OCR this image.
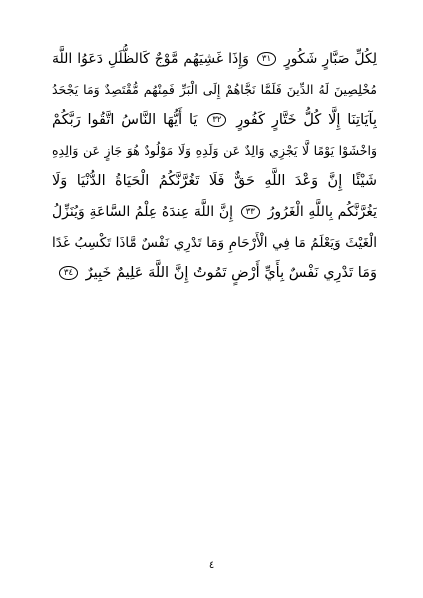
لِكُلِّ صَبَّارٍ شَكُورٍ ٣١ وَإِذَا غَشِيَهُم مَّوْجٌ كَالظُّلَلِ دَعَوُا اللَّهَ
مُخْلِصِينَ لَهُ الدِّينَ فَلَمَّا نَجَّاهُمْ إِلَى الْبَرِّ فَمِنْهُم مُّقْتَصِدٌ وَمَا يَجْحَدُ
بِآيَاتِنَا إِلَّا كُلُّ خَتَّارٍ كَفُورٍ ٣٢ يَا أَيُّهَا النَّاسُ اتَّقُوا رَبَّكُمْ
وَاخْشَوْا يَوْمًا لَّا يَجْزِي وَالِدٌ عَن وَلَدِهِ وَلَا مَوْلُودٌ هُوَ جَازٍ عَن وَالِدِهِ
شَيْئًا إِنَّ وَعْدَ اللَّهِ حَقٌّ فَلَا تَغُرَّنَّكُمُ الْحَيَاةُ الدُّنْيَا وَلَا
يَغُرَّنَّكُم بِاللَّهِ الْغَرُورُ ٣٣ إِنَّ اللَّهَ عِندَهُ عِلْمُ السَّاعَةِ وَيُنَزِّلُ
الْغَيْثَ وَيَعْلَمُ مَا فِي الْأَرْحَامِ وَمَا تَدْرِي نَفْسٌ مَّاذَا تَكْسِبُ غَدًا
وَمَا تَدْرِي نَفْسٌ بِأَيِّ أَرْضٍ تَمُوتُ إِنَّ اللَّهَ عَلِيمٌ خَبِيرٌ ٣٤
٤
